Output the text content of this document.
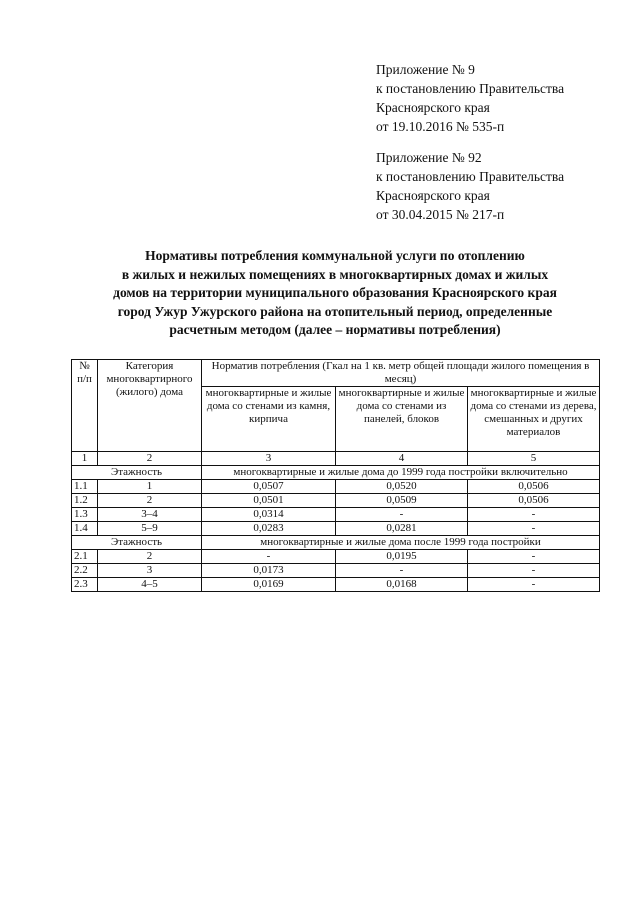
Приложение № 9
к постановлению Правительства
Красноярского края
от 19.10.2016 № 535-п
Приложение № 92
к постановлению Правительства
Красноярского края
от 30.04.2015 № 217-п
Нормативы потребления коммунальной услуги по отоплению
в жилых и нежилых помещениях в многоквартирных домах и жилых
домов на территории муниципального образования Красноярского края
город Ужур Ужурского района на отопительный период, определенные
расчетным методом (далее – нормативы потребления)
№ п/п	Категория многоквартирного (жилого) дома	Норматив потребления (Гкал на 1 кв. метр общей площади жилого помещения в месяц)		
		многоквартирные и жилые дома со стенами из камня, кирпича	многоквартирные и жилые дома со стенами из панелей, блоков	многоквартирные и жилые дома со стенами из дерева, смешанных и других материалов
1	2	3	4	5
Этажность		многоквартирные и жилые дома до 1999 года постройки включительно		
1.1	1	0,0507	0,0520	0,0506
1.2	2	0,0501	0,0509	0,0506
1.3	3–4	0,0314	-	-
1.4	5–9	0,0283	0,0281	-
Этажность		многоквартирные и жилые дома после 1999 года постройки		
2.1	2	-	0,0195	-
2.2	3	0,0173	-	-
2.3	4–5	0,0169	0,0168	-
